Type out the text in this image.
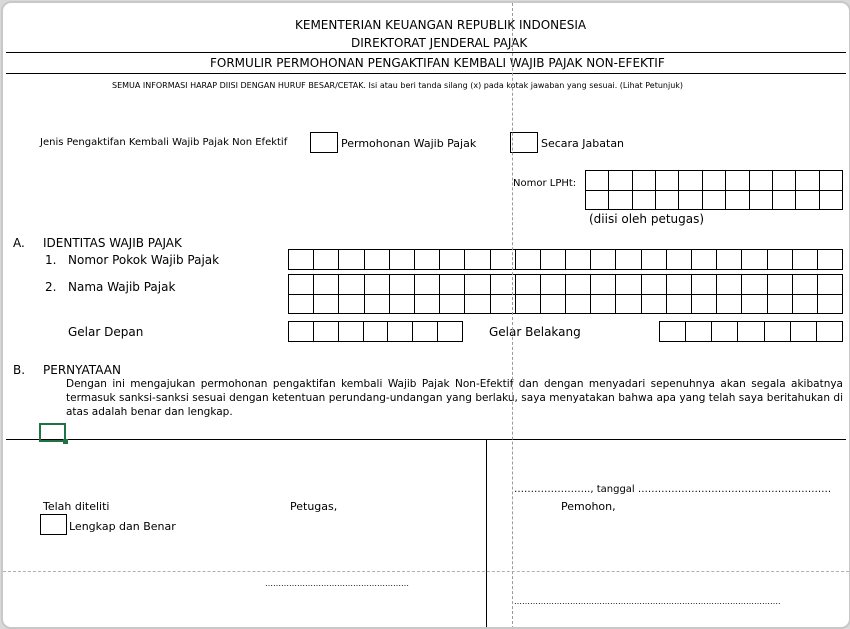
KEMENTERIAN KEUANGAN REPUBLIK INDONESIA
DIREKTORAT JENDERAL PAJAK
FORMULIR PERMOHONAN PENGAKTIFAN KEMBALI WAJIB PAJAK NON-EFEKTIF
SEMUA INFORMASI HARAP DIISI DENGAN HURUF BESAR/CETAK. Isi atau beri tanda silang (x) pada kotak jawaban yang sesuai. (Lihat Petunjuk)
Jenis Pengaktifan Kembali Wajib Pajak Non Efektif	Permohonan Wajib Pajak	Secara Jabatan
Nomor LPHt:
(diisi oleh petugas)
A. IDENTITAS WAJIB PAJAK
1. Nomor Pokok Wajib Pajak
2. Nama Wajib Pajak
Gelar Depan	Gelar Belakang
B. PERNYATAAN
Dengan ini mengajukan permohonan pengaktifan kembali Wajib Pajak Non-Efektif dan dengan menyadari sepenuhnya akan segala akibatnya termasuk sanksi-sanksi sesuai dengan ketentuan perundang-undangan yang berlaku, saya menyatakan bahwa apa yang telah saya beritahukan di atas adalah benar dan lengkap.
Telah diteliti
Lengkap dan Benar
Petugas,
………………………………………………
………………….., tanggal ………………………………………………….
Pemohon,
……………………………………………………………………………………….
